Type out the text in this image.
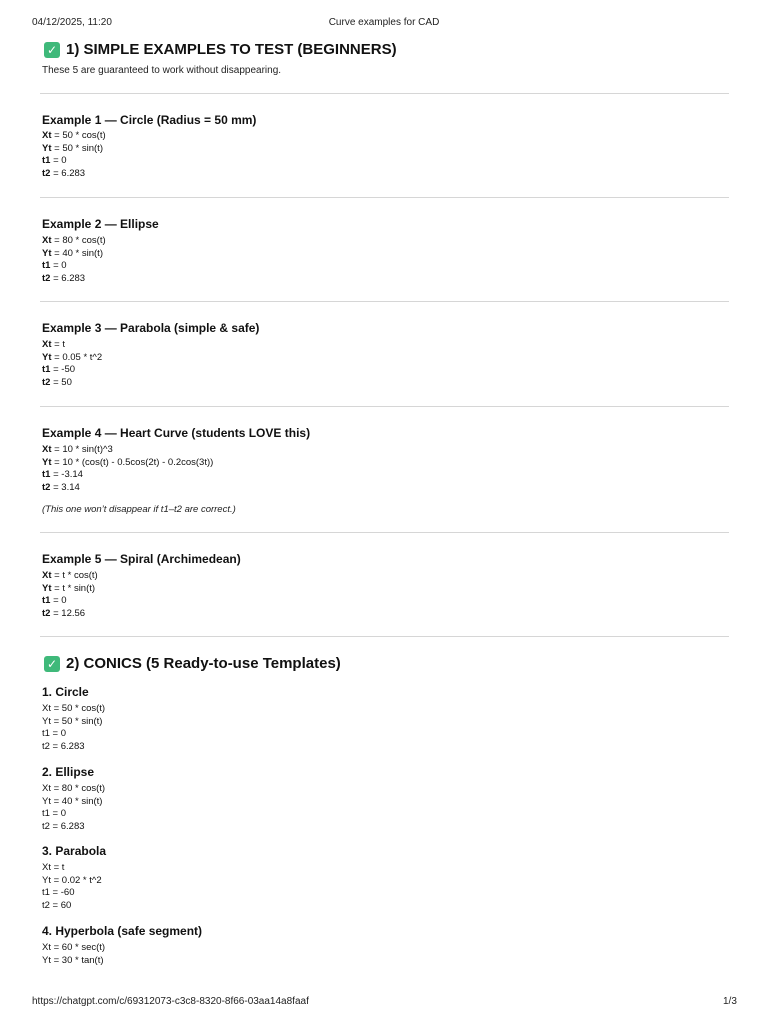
04/12/2025, 11:20	Curve examples for CAD
✓ 1) SIMPLE EXAMPLES TO TEST (BEGINNERS)
These 5 are guaranteed to work without disappearing.
Example 1 — Circle (Radius = 50 mm)
Xt = 50 * cos(t)
Yt = 50 * sin(t)
t1 = 0
t2 = 6.283
Example 2 — Ellipse
Xt = 80 * cos(t)
Yt = 40 * sin(t)
t1 = 0
t2 = 6.283
Example 3 — Parabola (simple & safe)
Xt = t
Yt = 0.05 * t^2
t1 = -50
t2 = 50
Example 4 — Heart Curve (students LOVE this)
Xt = 10 * sin(t)^3
Yt = 10 * (cos(t) - 0.5cos(2t) - 0.2cos(3t))
t1 = -3.14
t2 = 3.14
(This one won’t disappear if t1–t2 are correct.)
Example 5 — Spiral (Archimedean)
Xt = t * cos(t)
Yt = t * sin(t)
t1 = 0
t2 = 12.56
✓ 2) CONICS (5 Ready-to-use Templates)
1. Circle
Xt = 50 * cos(t)
Yt = 50 * sin(t)
t1 = 0
t2 = 6.283
2. Ellipse
Xt = 80 * cos(t)
Yt = 40 * sin(t)
t1 = 0
t2 = 6.283
3. Parabola
Xt = t
Yt = 0.02 * t^2
t1 = -60
t2 = 60
4. Hyperbola (safe segment)
Xt = 60 * sec(t)
Yt = 30 * tan(t)
https://chatgpt.com/c/69312073-c3c8-8320-8f66-03aa14a8faaf	1/3
